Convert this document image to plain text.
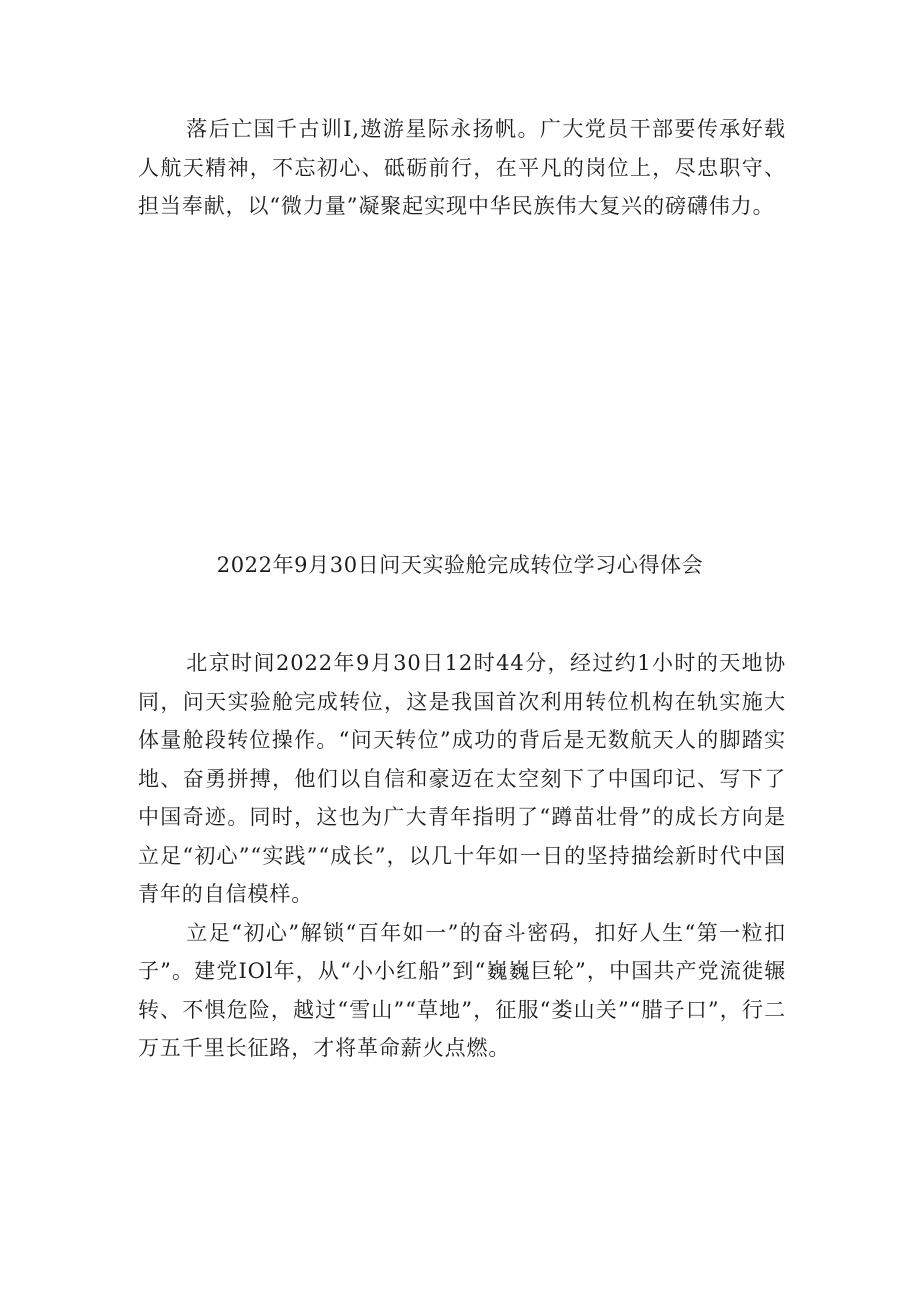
落后亡国千古训I,遨游星际永扬帆。广大党员干部要传承好载人航天精神，不忘初心、砥砺前行，在平凡的岗位上，尽忠职守、担当奉献，以“微力量”凝聚起实现中华民族伟大复兴的磅礴伟力。

2022年9月30日问天实验舱完成转位学习心得体会

北京时间2022年9月30日12时44分，经过约1小时的天地协同，问天实验舱完成转位，这是我国首次利用转位机构在轨实施大体量舱段转位操作。“问天转位”成功的背后是无数航天人的脚踏实地、奋勇拼搏，他们以自信和豪迈在太空刻下了中国印记、写下了中国奇迹。同时，这也为广大青年指明了“蹲苗壮骨”的成长方向是立足“初心”“实践”“成长”，以几十年如一日的坚持描绘新时代中国青年的自信模样。

立足“初心”解锁“百年如一”的奋斗密码，扣好人生“第一粒扣子”。建党IOl年，从“小小红船”到“巍巍巨轮”，中国共产党流徙辗转、不惧危险，越过“雪山”“草地”，征服“娄山关”“腊子口”，行二万五千里长征路，才将革命薪火点燃。
